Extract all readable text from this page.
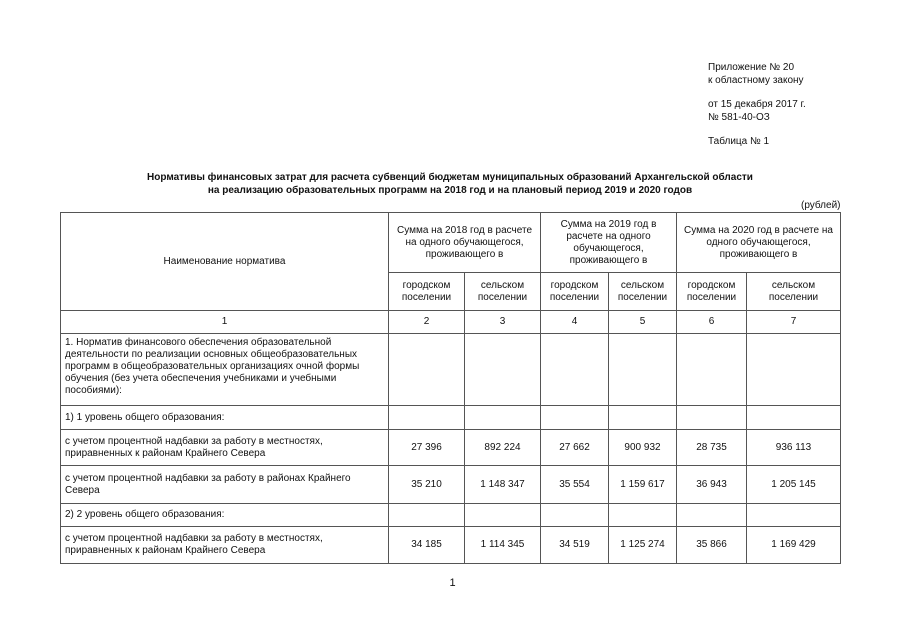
Приложение № 20
к областному закону
от 15 декабря 2017 г.
№ 581-40-ОЗ
Таблица № 1
Нормативы финансовых затрат для расчета субвенций бюджетам муниципальных образований Архангельской области
на реализацию образовательных программ на 2018 год и на плановый период 2019 и 2020 годов
(рублей)
Наименование норматива	Сумма на 2018 год в расчете на одного обучающегося, проживающего в		Сумма на 2019 год в расчете на одного обучающегося, проживающего в		Сумма на 2020 год в расчете на одного обучающегося, проживающего в	
	городском поселении	сельском поселении	городском поселении	сельском поселении	городском поселении	сельском поселении
1	2	3	4	5	6	7
1. Норматив финансового обеспечения образовательной деятельности по реализации основных общеобразовательных программ в общеобразовательных организациях очной формы обучения (без учета обеспечения учебниками и учебными пособиями):						
1) 1 уровень общего образования:						
с учетом процентной надбавки за работу в местностях, приравненных к районам Крайнего Севера	27 396	892 224	27 662	900 932	28 735	936 113
с учетом процентной надбавки за работу в районах Крайнего Севера	35 210	1 148 347	35 554	1 159 617	36 943	1 205 145
2) 2 уровень общего образования:						
с учетом процентной надбавки за работу в местностях, приравненных к районам Крайнего Севера	34 185	1 114 345	34 519	1 125 274	35 866	1 169 429
1
